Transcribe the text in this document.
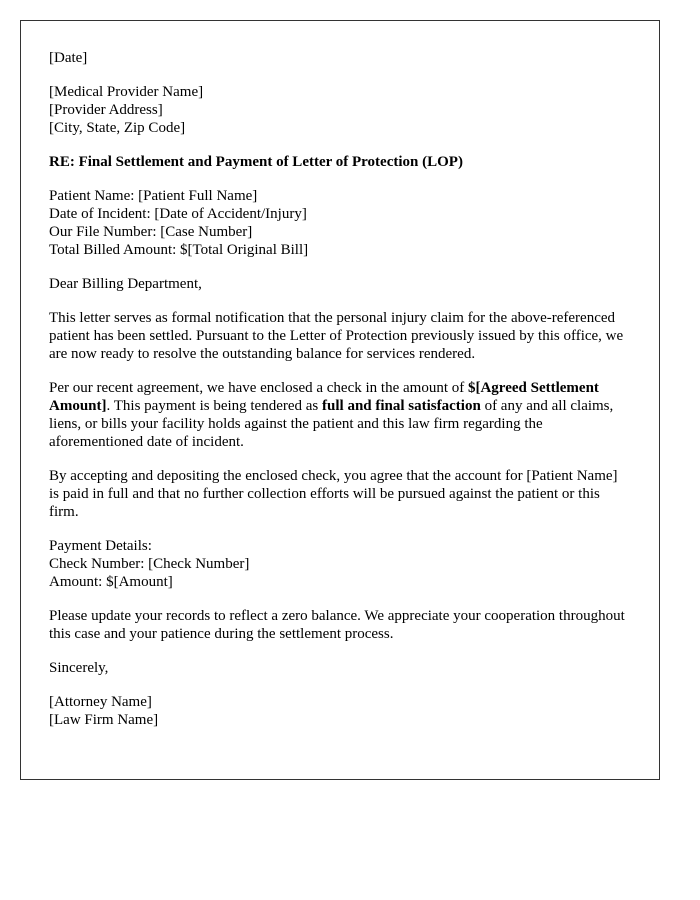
[Date]
[Medical Provider Name]
[Provider Address]
[City, State, Zip Code]
RE: Final Settlement and Payment of Letter of Protection (LOP)
Patient Name: [Patient Full Name]
Date of Incident: [Date of Accident/Injury]
Our File Number: [Case Number]
Total Billed Amount: $[Total Original Bill]
Dear Billing Department,

This letter serves as formal notification that the personal injury claim for the above-referenced patient has been settled. Pursuant to the Letter of Protection previously issued by this office, we are now ready to resolve the outstanding balance for services rendered.

Per our recent agreement, we have enclosed a check in the amount of $[Agreed Settlement Amount]. This payment is being tendered as full and final satisfaction of any and all claims, liens, or bills your facility holds against the patient and this law firm regarding the aforementioned date of incident.

By accepting and depositing the enclosed check, you agree that the account for [Patient Name] is paid in full and that no further collection efforts will be pursued against the patient or this firm.

Payment Details:
Check Number: [Check Number]
Amount: $[Amount]

Please update your records to reflect a zero balance. We appreciate your cooperation throughout this case and your patience during the settlement process.

Sincerely,
[Attorney Name]
[Law Firm Name]
